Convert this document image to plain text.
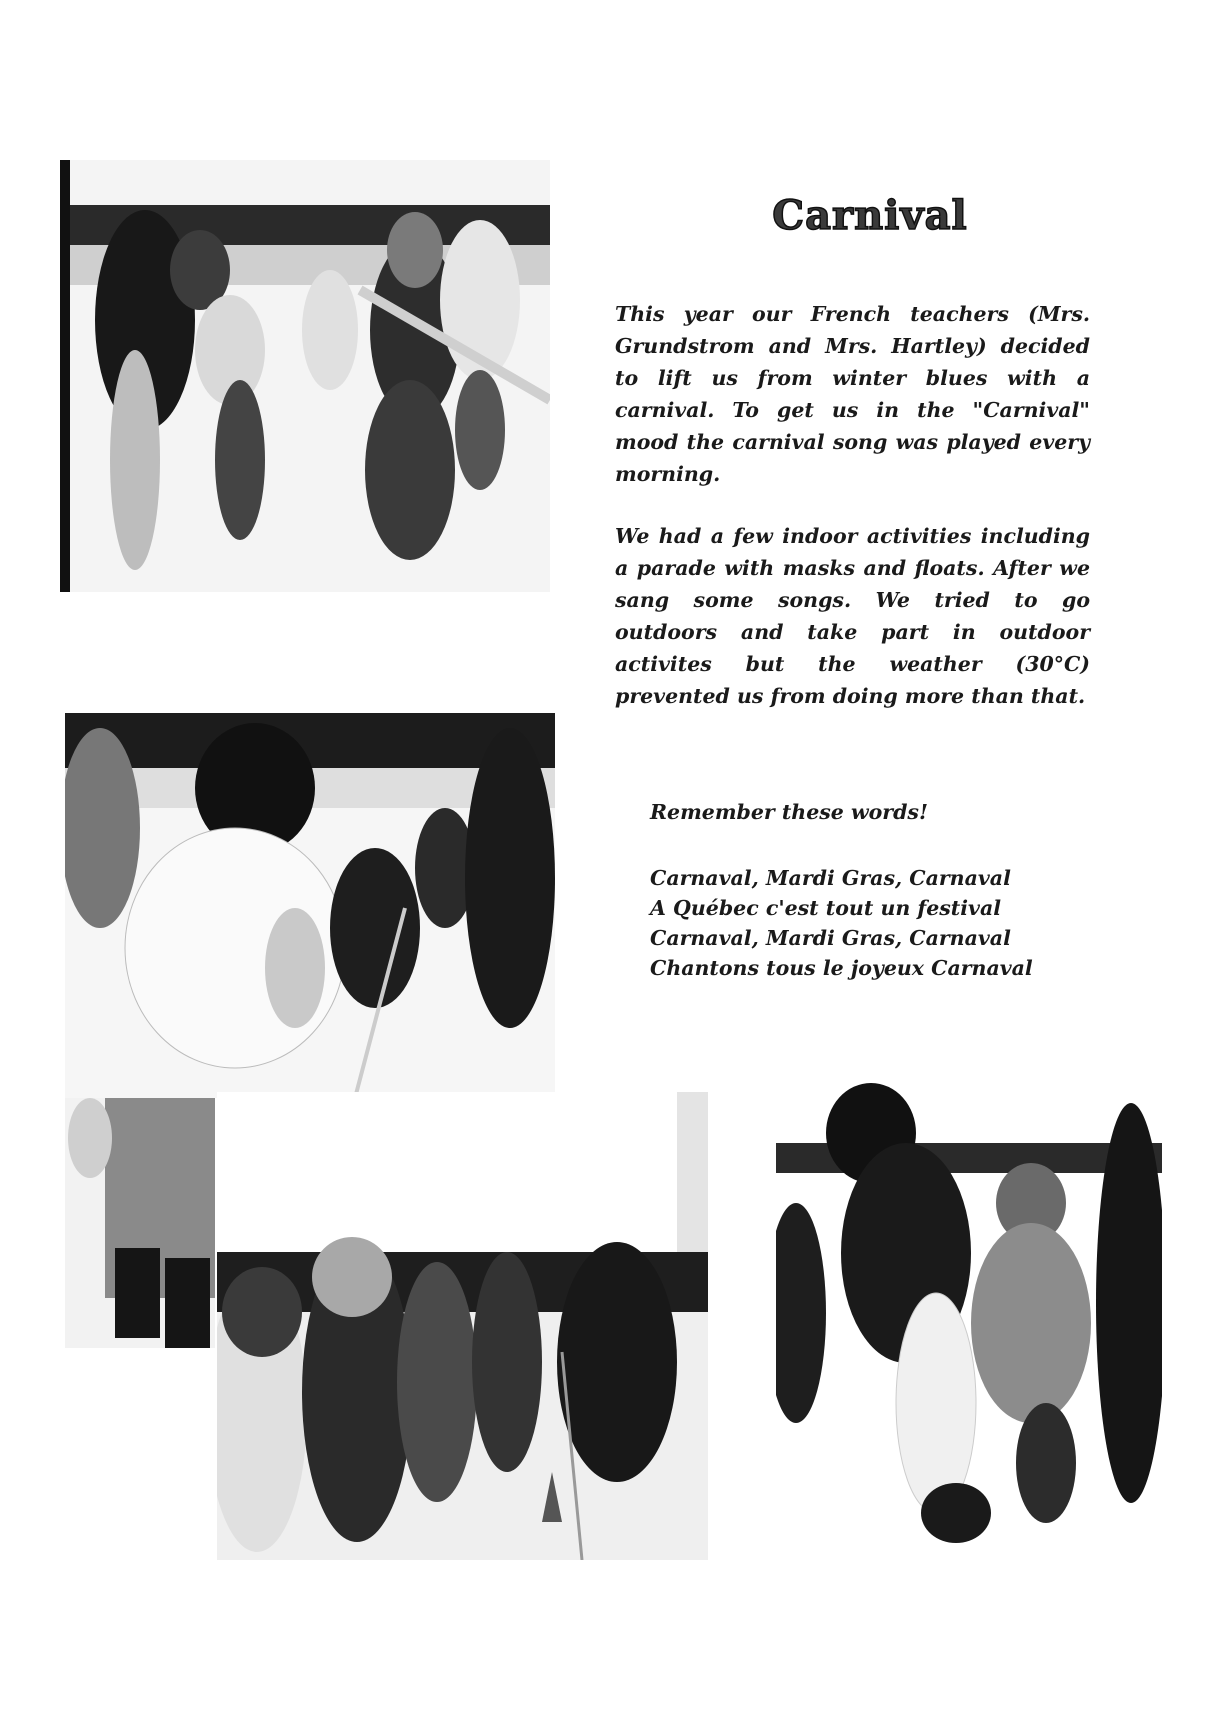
Carnival
This year our French teachers (Mrs. Grundstrom and Mrs. Hartley) decided to lift us from winter blues with a carnival. To get us in the "Carnival" mood the carnival song was played every morning.
We had a few indoor activities including a parade with masks and floats. After we sang some songs. We tried to go outdoors and take part in outdoor activites but the weather (30°C) prevented us from doing more than that.
Remember these words!
Carnaval, Mardi Gras, Carnaval
A Québec c'est tout un festival
Carnaval, Mardi Gras, Carnaval
Chantons tous le joyeux Carnaval
